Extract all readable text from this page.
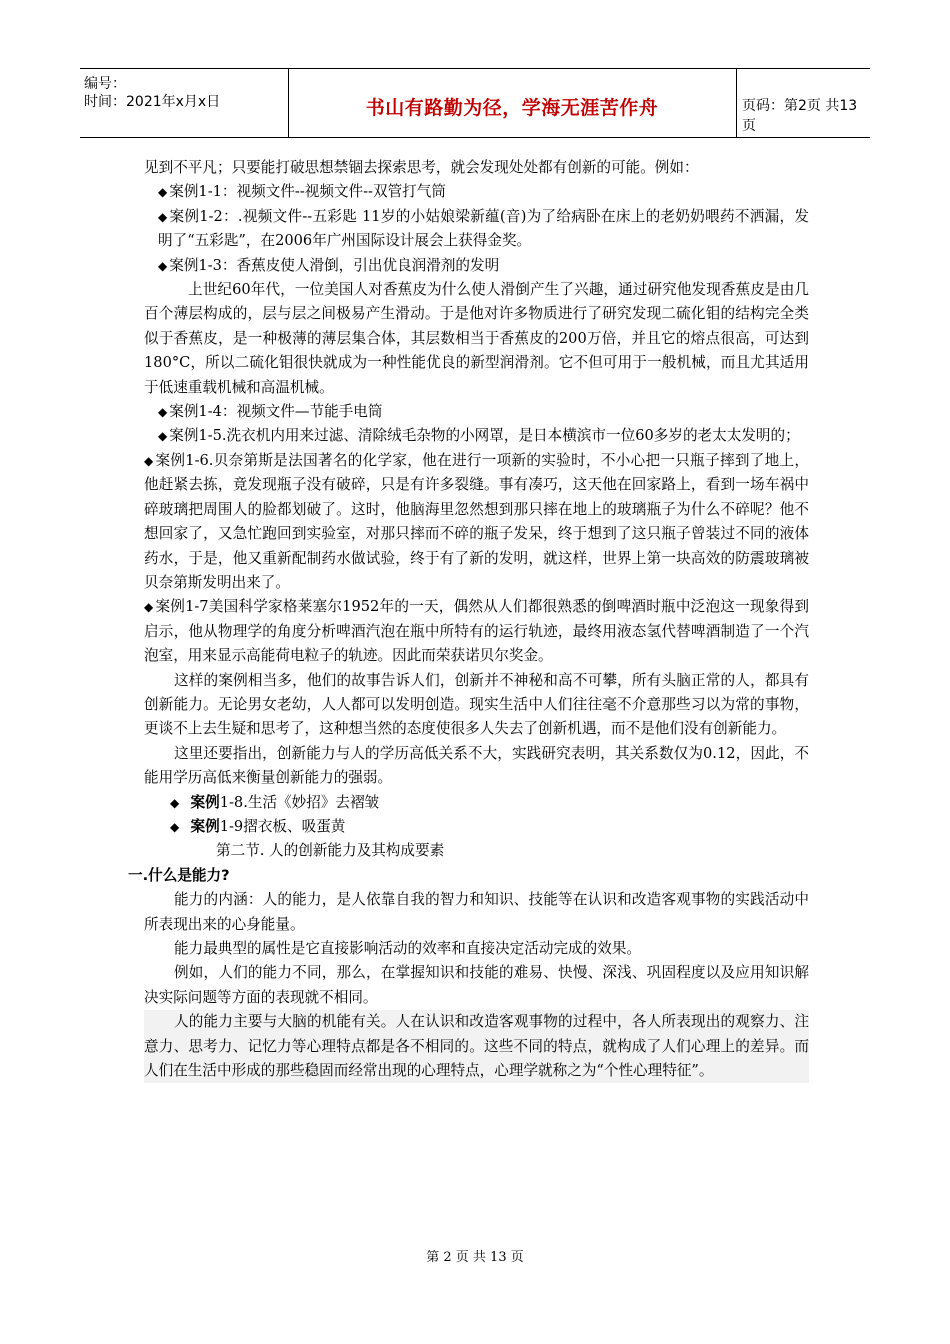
编号：
时间：2021年x月x日	书山有路勤为径，学海无涯苦作舟	页码：第2页 共13页

见到不平凡；只要能打破思想禁锢去探索思考，就会发现处处都有创新的可能。例如：

◆ 案例1-1：视频文件--视频文件--双管打气筒

◆ 案例1-2：.视频文件--五彩匙 11岁的小姑娘梁新蕴(音)为了给病卧在床上的老奶奶喂药不洒漏，发明了“五彩匙”，在2006年广州国际设计展会上获得金奖。

◆ 案例1-3：香蕉皮使人滑倒，引出优良润滑剂的发明

上世纪60年代，一位美国人对香蕉皮为什么使人滑倒产生了兴趣，通过研究他发现香蕉皮是由几百个薄层构成的，层与层之间极易产生滑动。于是他对许多物质进行了研究发现二硫化钼的结构完全类似于香蕉皮，是一种极薄的薄层集合体，其层数相当于香蕉皮的200万倍，并且它的熔点很高，可达到180°C，所以二硫化钼很快就成为一种性能优良的新型润滑剂。它不但可用于一般机械，而且尤其适用于低速重载机械和高温机械。

◆ 案例1-4：视频文件—节能手电筒

◆ 案例1-5.洗衣机内用来过滤、清除绒毛杂物的小网罩，是日本横滨市一位60多岁的老太太发明的；

◆ 案例1-6.贝奈第斯是法国著名的化学家，他在进行一项新的实验时，不小心把一只瓶子摔到了地上，他赶紧去拣，竟发现瓶子没有破碎，只是有许多裂缝。事有凑巧，这天他在回家路上，看到一场车祸中碎玻璃把周围人的脸都划破了。这时，他脑海里忽然想到那只摔在地上的玻璃瓶子为什么不碎呢？他不想回家了，又急忙跑回到实验室，对那只摔而不碎的瓶子发呆，终于想到了这只瓶子曾装过不同的液体药水，于是，他又重新配制药水做试验，终于有了新的发明，就这样，世界上第一块高效的防震玻璃被贝奈第斯发明出来了。

◆ 案例1-7美国科学家格莱塞尔1952年的一天，偶然从人们都很熟悉的倒啤酒时瓶中泛泡这一现象得到启示，他从物理学的角度分析啤酒汽泡在瓶中所特有的运行轨迹，最终用液态氢代替啤酒制造了一个汽泡室，用来显示高能荷电粒子的轨迹。因此而荣获诺贝尔奖金。

这样的案例相当多，他们的故事告诉人们，创新并不神秘和高不可攀，所有头脑正常的人，都具有创新能力。无论男女老幼，人人都可以发明创造。现实生活中人们往往毫不介意那些习以为常的事物，更谈不上去生疑和思考了，这种想当然的态度使很多人失去了创新机遇，而不是他们没有创新能力。

这里还要指出，创新能力与人的学历高低关系不大，实践研究表明，其关系数仅为0.12，因此，不能用学历高低来衡量创新能力的强弱。

◆ 案例1-8.生活《妙招》去褶皱

◆ 案例1-9摺衣板、吸蛋黄

第二节. 人的创新能力及其构成要素

一.什么是能力?

能力的内涵：人的能力，是人依靠自我的智力和知识、技能等在认识和改造客观事物的实践活动中所表现出来的心身能量。

能力最典型的属性是它直接影响活动的效率和直接决定活动完成的效果。

例如，人们的能力不同，那么，在掌握知识和技能的难易、快慢、深浅、巩固程度以及应用知识解决实际问题等方面的表现就不相同。

人的能力主要与大脑的机能有关。人在认识和改造客观事物的过程中，各人所表现出的观察力、注意力、思考力、记忆力等心理特点都是各不相同的。这些不同的特点，就构成了人们心理上的差异。而人们在生活中形成的那些稳固而经常出现的心理特点，心理学就称之为“个性心理特征”。

第 2 页 共 13 页
